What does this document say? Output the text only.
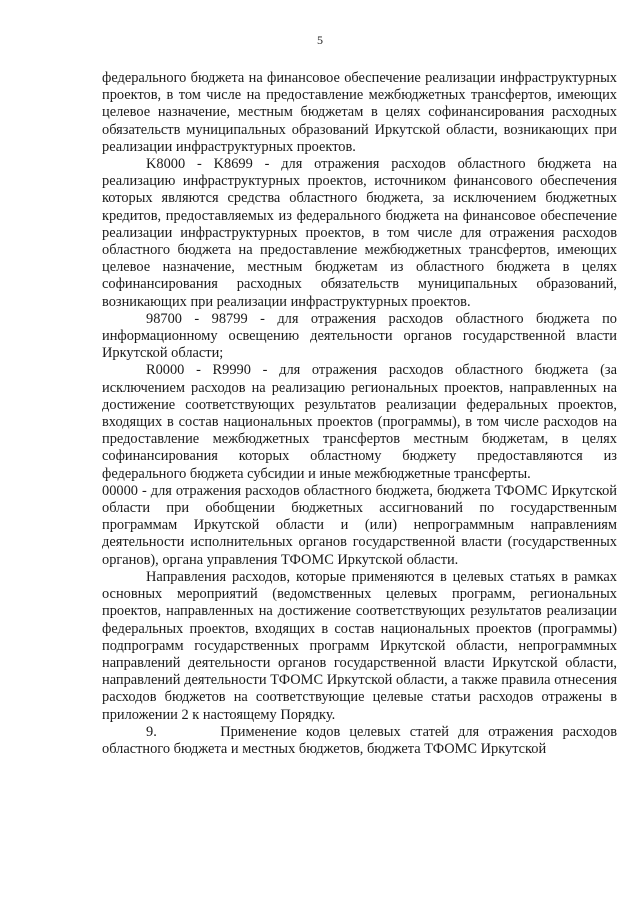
5

федерального бюджета на финансовое обеспечение реализации инфраструктурных проектов, в том числе на предоставление межбюджетных трансфертов, имеющих целевое назначение, местным бюджетам в целях софинансирования расходных обязательств муниципальных образований Иркутской области, возникающих при реализации инфраструктурных проектов.

K8000 - K8699 - для отражения расходов областного бюджета на реализацию инфраструктурных проектов, источником финансового обеспечения которых являются средства областного бюджета, за исключением бюджетных кредитов, предоставляемых из федерального бюджета на финансовое обеспечение реализации инфраструктурных проектов, в том числе для отражения расходов областного бюджета на предоставление межбюджетных трансфертов, имеющих целевое назначение, местным бюджетам из областного бюджета в целях софинансирования расходных обязательств муниципальных образований, возникающих при реализации инфраструктурных проектов.

98700 - 98799 - для отражения расходов областного бюджета по информационному освещению деятельности органов государственной власти Иркутской области;

R0000 - R9990 - для отражения расходов областного бюджета (за исключением расходов на реализацию региональных проектов, направленных на достижение соответствующих результатов реализации федеральных проектов, входящих в состав национальных проектов (программы), в том числе расходов на предоставление межбюджетных трансфертов местным бюджетам, в целях софинансирования которых областному бюджету предоставляются из федерального бюджета субсидии и иные межбюджетные трансферты.

00000 - для отражения расходов областного бюджета, бюджета ТФОМС Иркутской области при обобщении бюджетных ассигнований по государственным программам Иркутской области и (или) непрограммным направлениям деятельности исполнительных органов государственной власти (государственных органов), органа управления ТФОМС Иркутской области.

Направления расходов, которые применяются в целевых статьях в рамках основных мероприятий (ведомственных целевых программ, региональных проектов, направленных на достижение соответствующих результатов реализации федеральных проектов, входящих в состав национальных проектов (программы) подпрограмм государственных программ Иркутской области, непрограммных направлений деятельности органов государственной власти Иркутской области, направлений деятельности ТФОМС Иркутской области, а также правила отнесения расходов бюджетов на соответствующие целевые статьи расходов отражены в приложении 2 к настоящему Порядку.

9.       Применение кодов целевых статей для отражения расходов областного бюджета и местных бюджетов, бюджета ТФОМС Иркутской
